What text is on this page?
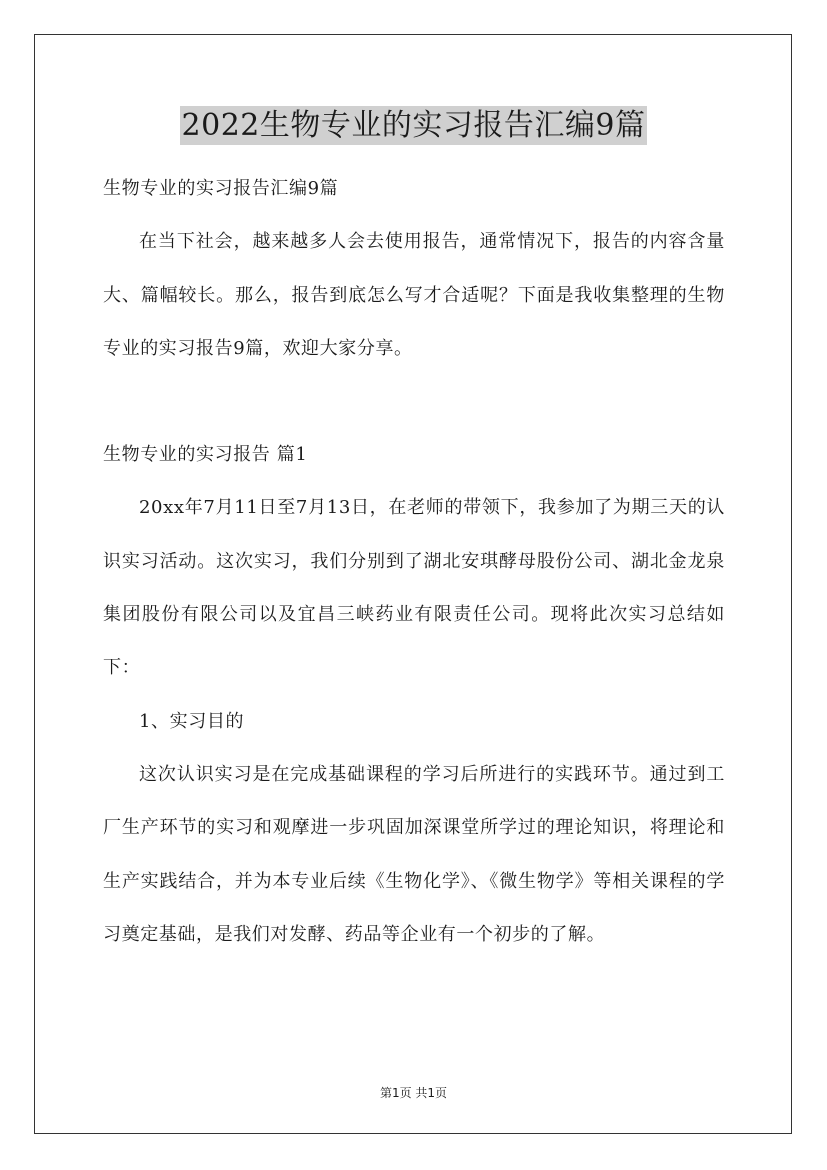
2022生物专业的实习报告汇编9篇

生物专业的实习报告汇编9篇

在当下社会，越来越多人会去使用报告，通常情况下，报告的内容含量大、篇幅较长。那么，报告到底怎么写才合适呢？下面是我收集整理的生物专业的实习报告9篇，欢迎大家分享。

生物专业的实习报告 篇1

20xx年7月11日至7月13日，在老师的带领下，我参加了为期三天的认识实习活动。这次实习，我们分别到了湖北安琪酵母股份公司、湖北金龙泉集团股份有限公司以及宜昌三峡药业有限责任公司。现将此次实习总结如下：

1、实习目的

这次认识实习是在完成基础课程的学习后所进行的实践环节。通过到工厂生产环节的实习和观摩进一步巩固加深课堂所学过的理论知识，将理论和生产实践结合，并为本专业后续《生物化学》、《微生物学》等相关课程的学习奠定基础，是我们对发酵、药品等企业有一个初步的了解。

第1页 共1页
